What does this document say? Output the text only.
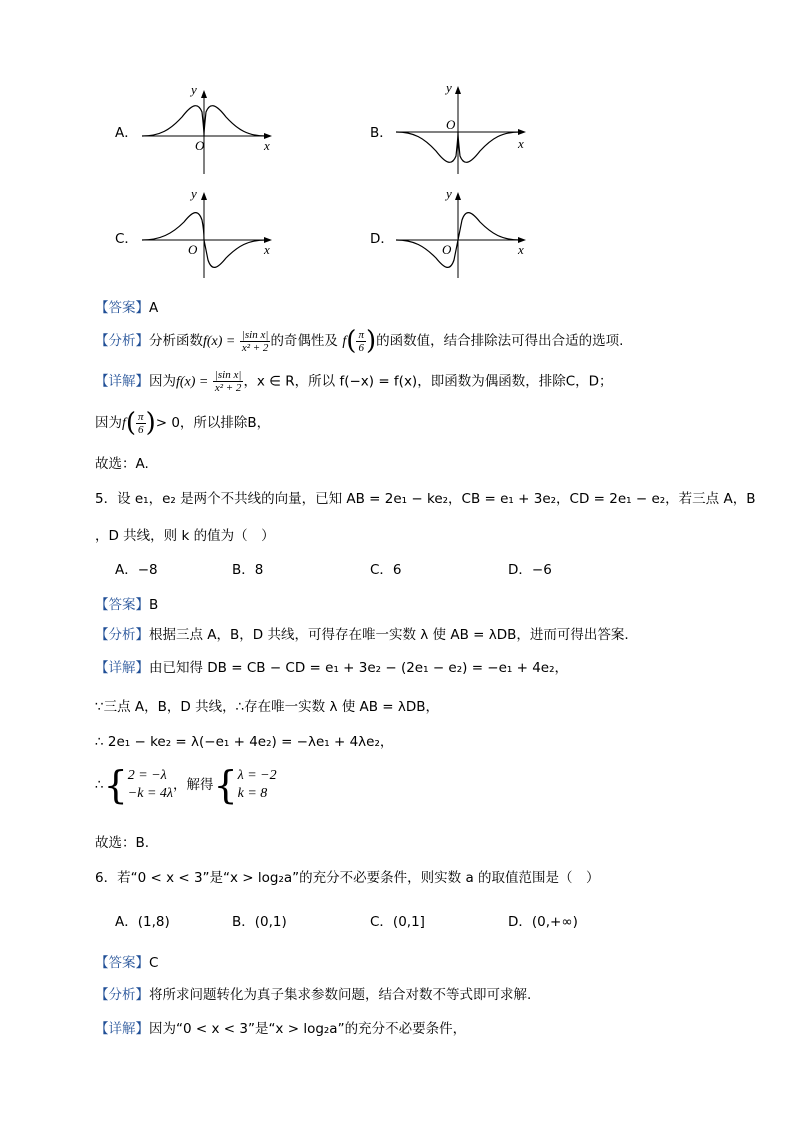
A．
O	x
y
B．
O
x
y
C．
O	x
y
D．
O	x
y
【答案】A
【分析】分析函数$f(x) = \frac{\text{|sin x|}}{\text{x² + 2}}$ 的奇偶性及 $f( \frac{\pi}{6}$ )的函数值，结合排除法可得出合适的选项.
【详解】因为$f(x) = \frac{\text{|sin x|}}{\text{x² + 2}}$ ，x ∈ R，所以 f(−x) = f(x)，即函数为偶函数，排除C，D；
因为$f( \frac{\pi}{6}$ )> 0，所以排除B，
故选：A.
5．设 e₁，e₂ 是两个不共线的向量，已知 AB = 2e₁ − ke₂，CB = e₁ + 3e₂，CD = 2e₁ − e₂，若三点 A，B
，D 共线，则 k 的值为（　）
A．−8	B．8	C．6	D．−6
【答案】B
【分析】根据三点 A，B，D 共线，可得存在唯一实数 λ 使 AB = λDB，进而可得出答案.
【详解】由已知得 DB = CB − CD = e₁ + 3e₂ − (2e₁ − e₂) = −e₁ + 4e₂，
∵三点 A，B，D 共线，∴存在唯一实数 λ 使 AB = λDB，
∴ 2e₁ − ke₂ = λ(−e₁ + 4e₂) = −λe₁ + 4λe₂，
∴{ 2 = −λ
−k = 4λ
，解得{ λ = −2
k = 8
故选：B.
6．若“0 < x < 3”是“x > log₂a”的充分不必要条件，则实数 a 的取值范围是（　）
A．(1,8)	B．(0,1)	C．(0,1]	D．(0,+∞)
【答案】C
【分析】将所求问题转化为真子集求参数问题，结合对数不等式即可求解.
【详解】因为“0 < x < 3”是“x > log₂a”的充分不必要条件，
